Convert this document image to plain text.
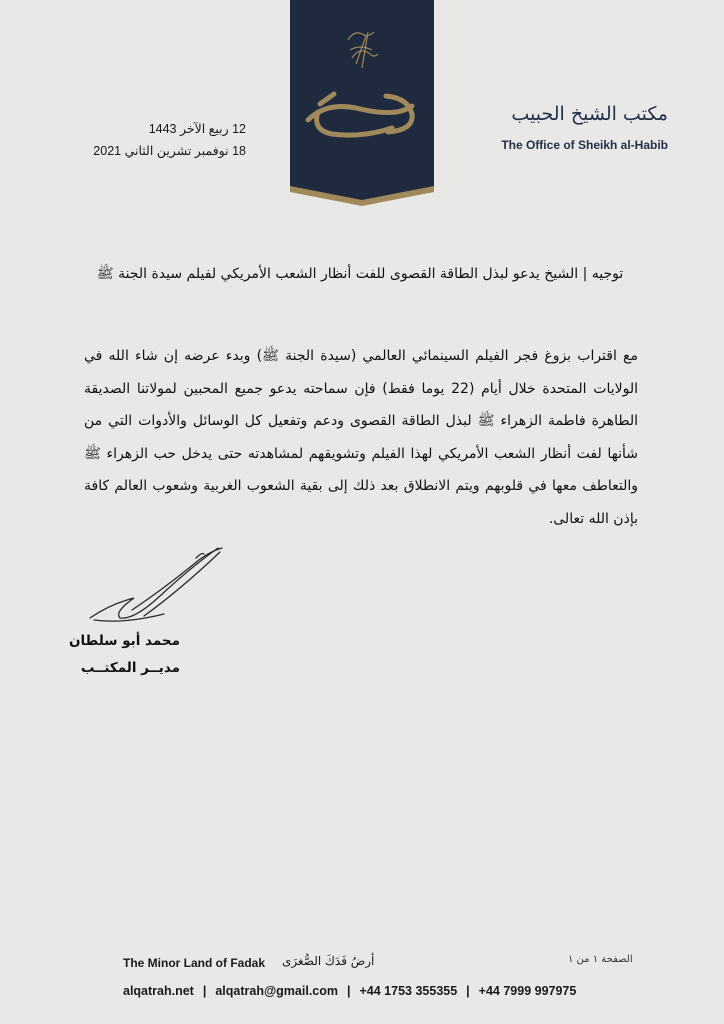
مكتب الشيخ الحبيب
The Office of Sheikh al-Habib
12 ربيع الآخر 1443
18 نوفمبر تشرين الثاني 2021
توجيه | الشيخ يدعو لبذل الطاقة القصوى للفت أنظار الشعب الأمريكي لفيلم سيدة الجنة ﷺ
مع اقتراب بزوغ فجر الفيلم السينمائي العالمي (سيدة الجنة ﷺ) وبدء عرضه إن شاء الله في الولايات المتحدة خلال أيام (22 يوما فقط) فإن سماحته يدعو جميع المحبين لمولاتنا الصديقة الطاهرة فاطمة الزهراء ﷺ لبذل الطاقة القصوى ودعم وتفعيل كل الوسائل والأدوات التي من شأنها لفت أنظار الشعب الأمريكي لهذا الفيلم وتشويقهم لمشاهدته حتى يدخل حب الزهراء ﷺ والتعاطف معها في قلوبهم ويتم الانطلاق بعد ذلك إلى بقية الشعوب الغربية وشعوب العالم كافة بإذن الله تعالى.
محمد أبو سلطان
مديــر المكتــب
The Minor Land of Fadak أرضُ فَدَكَ الصُّغرَى	الصفحة ١ من ١
alqatrah.net | alqatrah@gmail.com | +44 1753 355355 | +44 7999 997975
